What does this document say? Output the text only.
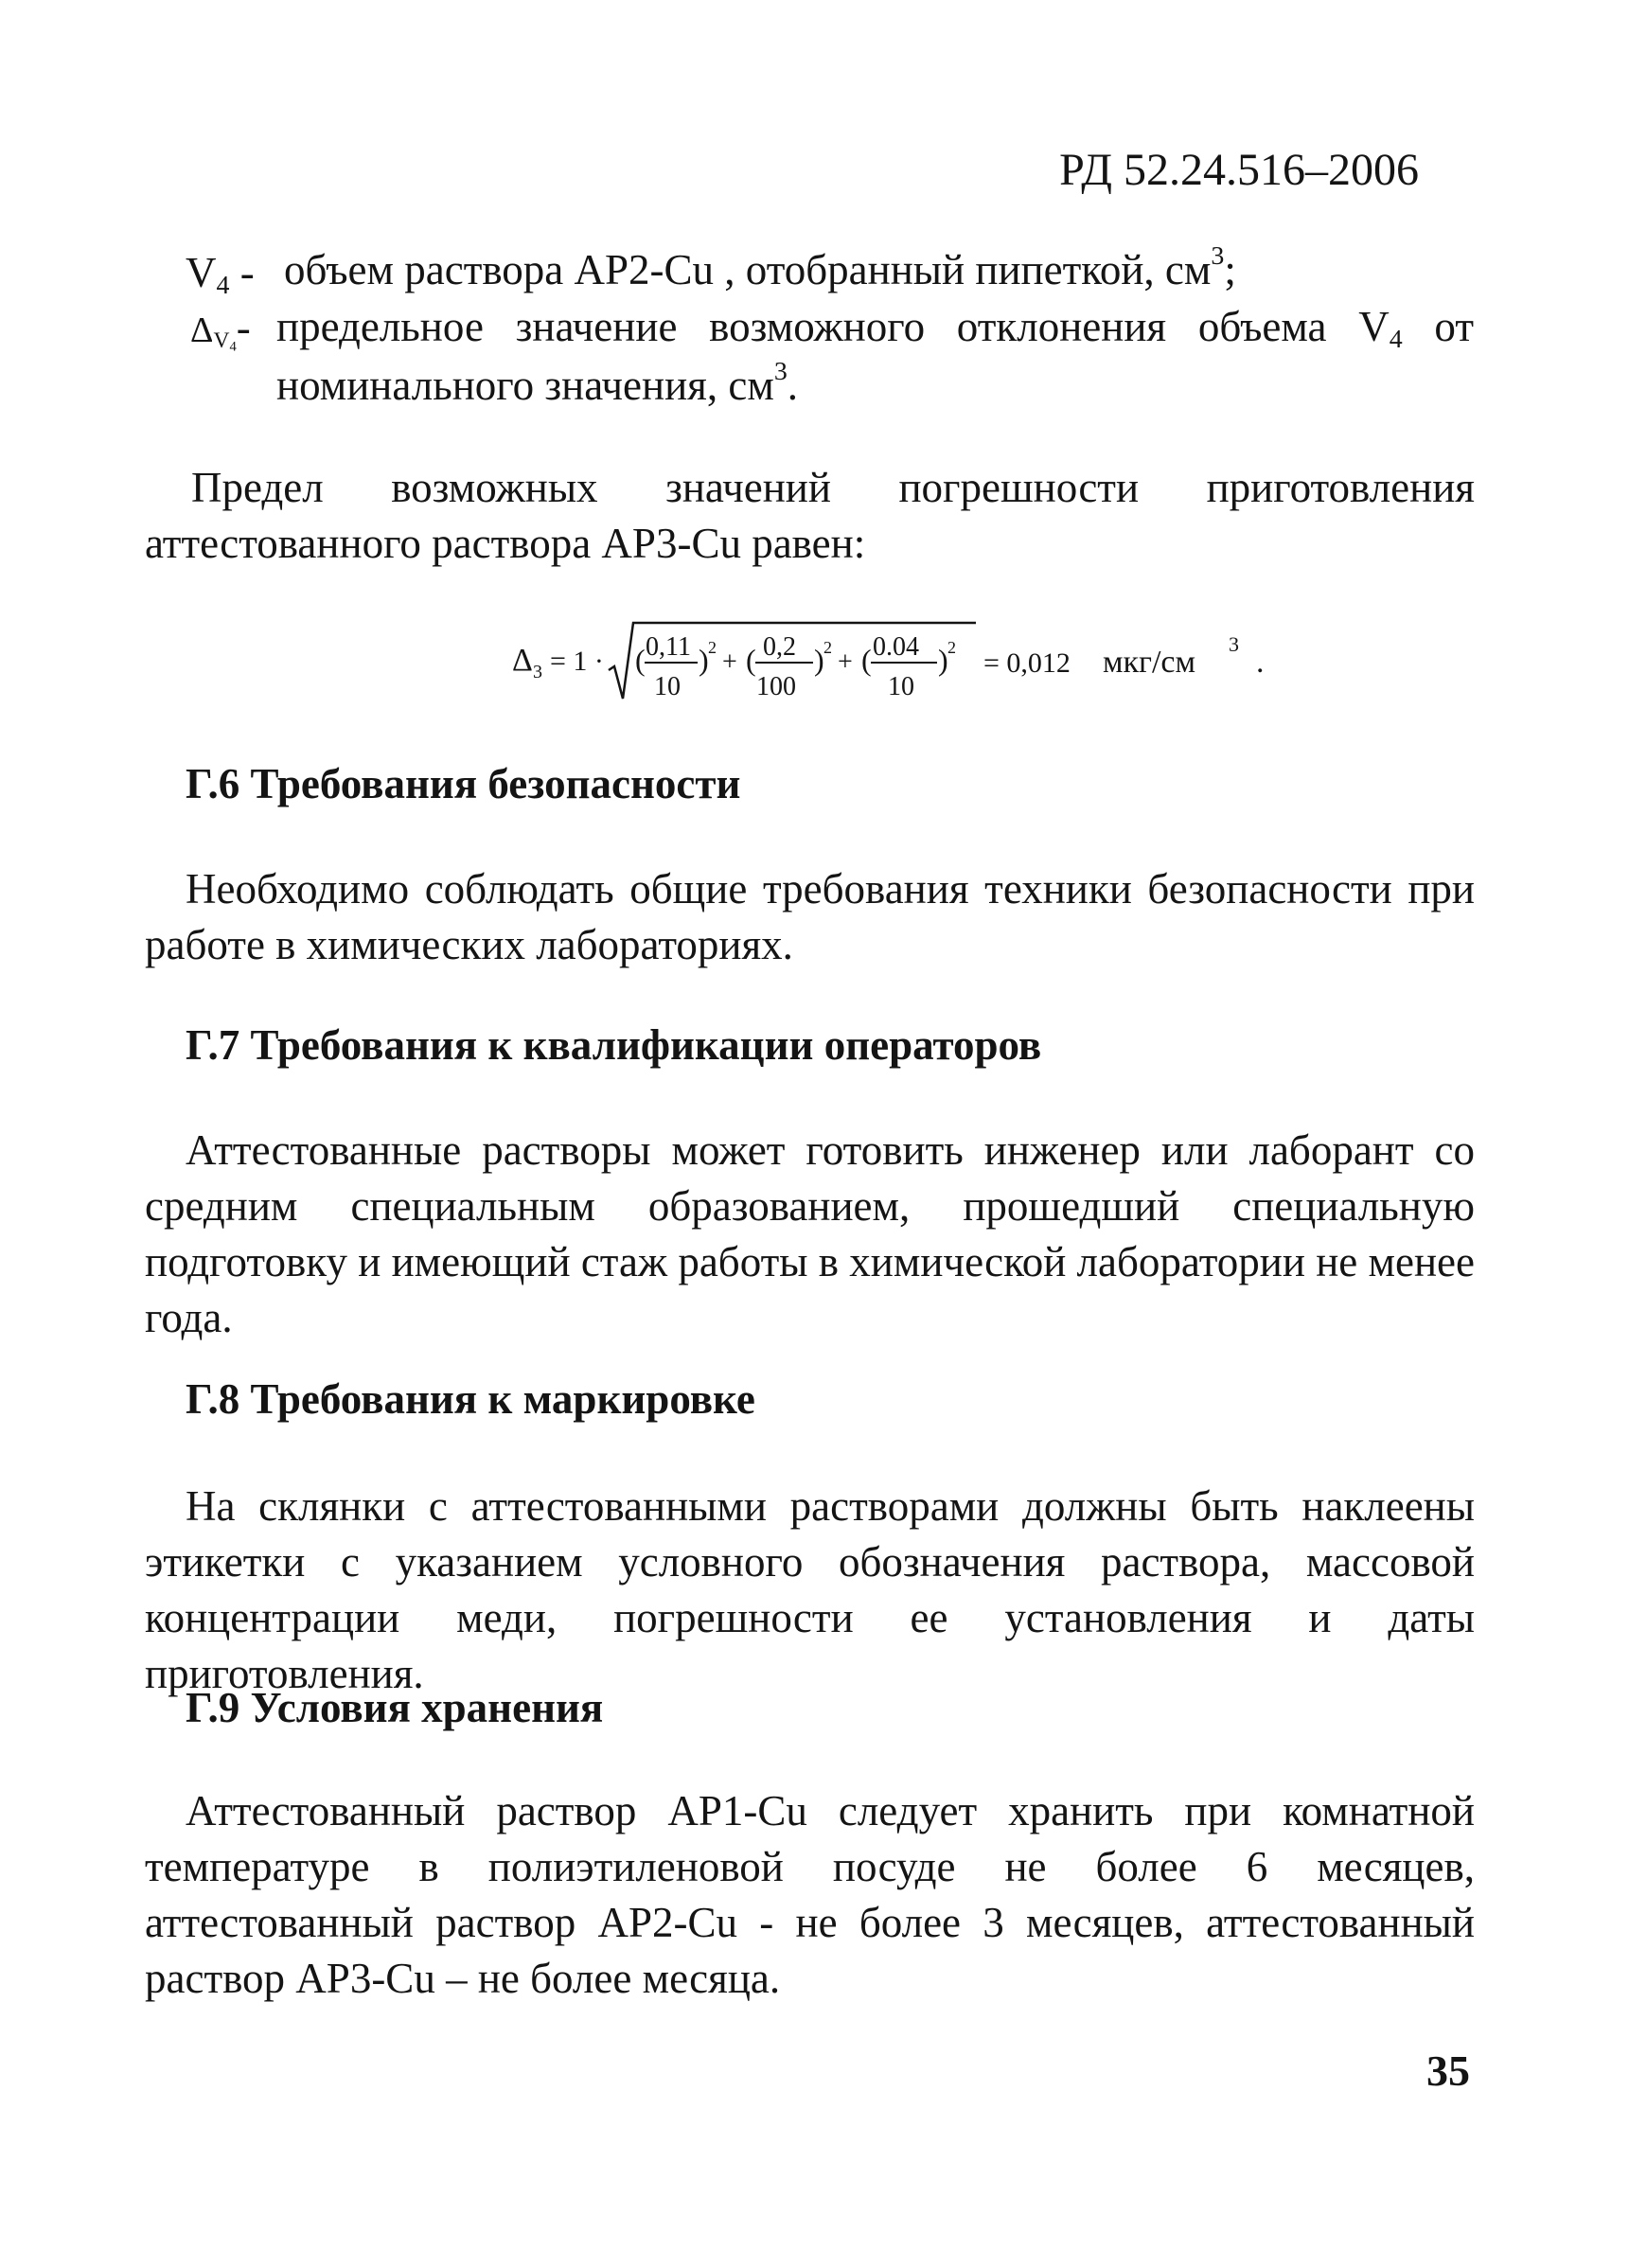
РД 52.24.516–2006
$V_4$ - объем раствора АР2-Cu , отобранный пипеткой, $см^3$;
$\Delta_{V_4}-$ предельное значение возможного отклонения объема $V_4$ от номинального значения, $см^3$.
Предел возможных значений погрешности приготовления аттестованного раствора АР3-Cu равен:
Δ 3 = 1 · ( 0,11
10
) 2 + ( 0,2
100
) 2 + ( 0.04
10
) 2 = 0,012 мкг/см
3
.
Г.6 Требования безопасности
Необходимо соблюдать общие требования техники безопасности при работе в химических лабораториях.
Г.7 Требования к квалификации операторов
Аттестованные растворы может готовить инженер или лаборант со средним специальным образованием, прошедший специальную подготовку и имеющий стаж работы в химической лаборатории не менее года.
Г.8 Требования к маркировке
На склянки с аттестованными растворами должны быть наклеены этикетки с указанием условного обозначения раствора, массовой концентрации меди, погрешности ее установления и даты приготовления.
Г.9 Условия хранения
Аттестованный раствор АР1-Cu следует хранить при комнатной температуре в полиэтиленовой посуде не более 6 месяцев, аттестованный раствор АР2-Cu - не более 3 месяцев, аттестованный раствор АР3-Cu – не более месяца.
35
